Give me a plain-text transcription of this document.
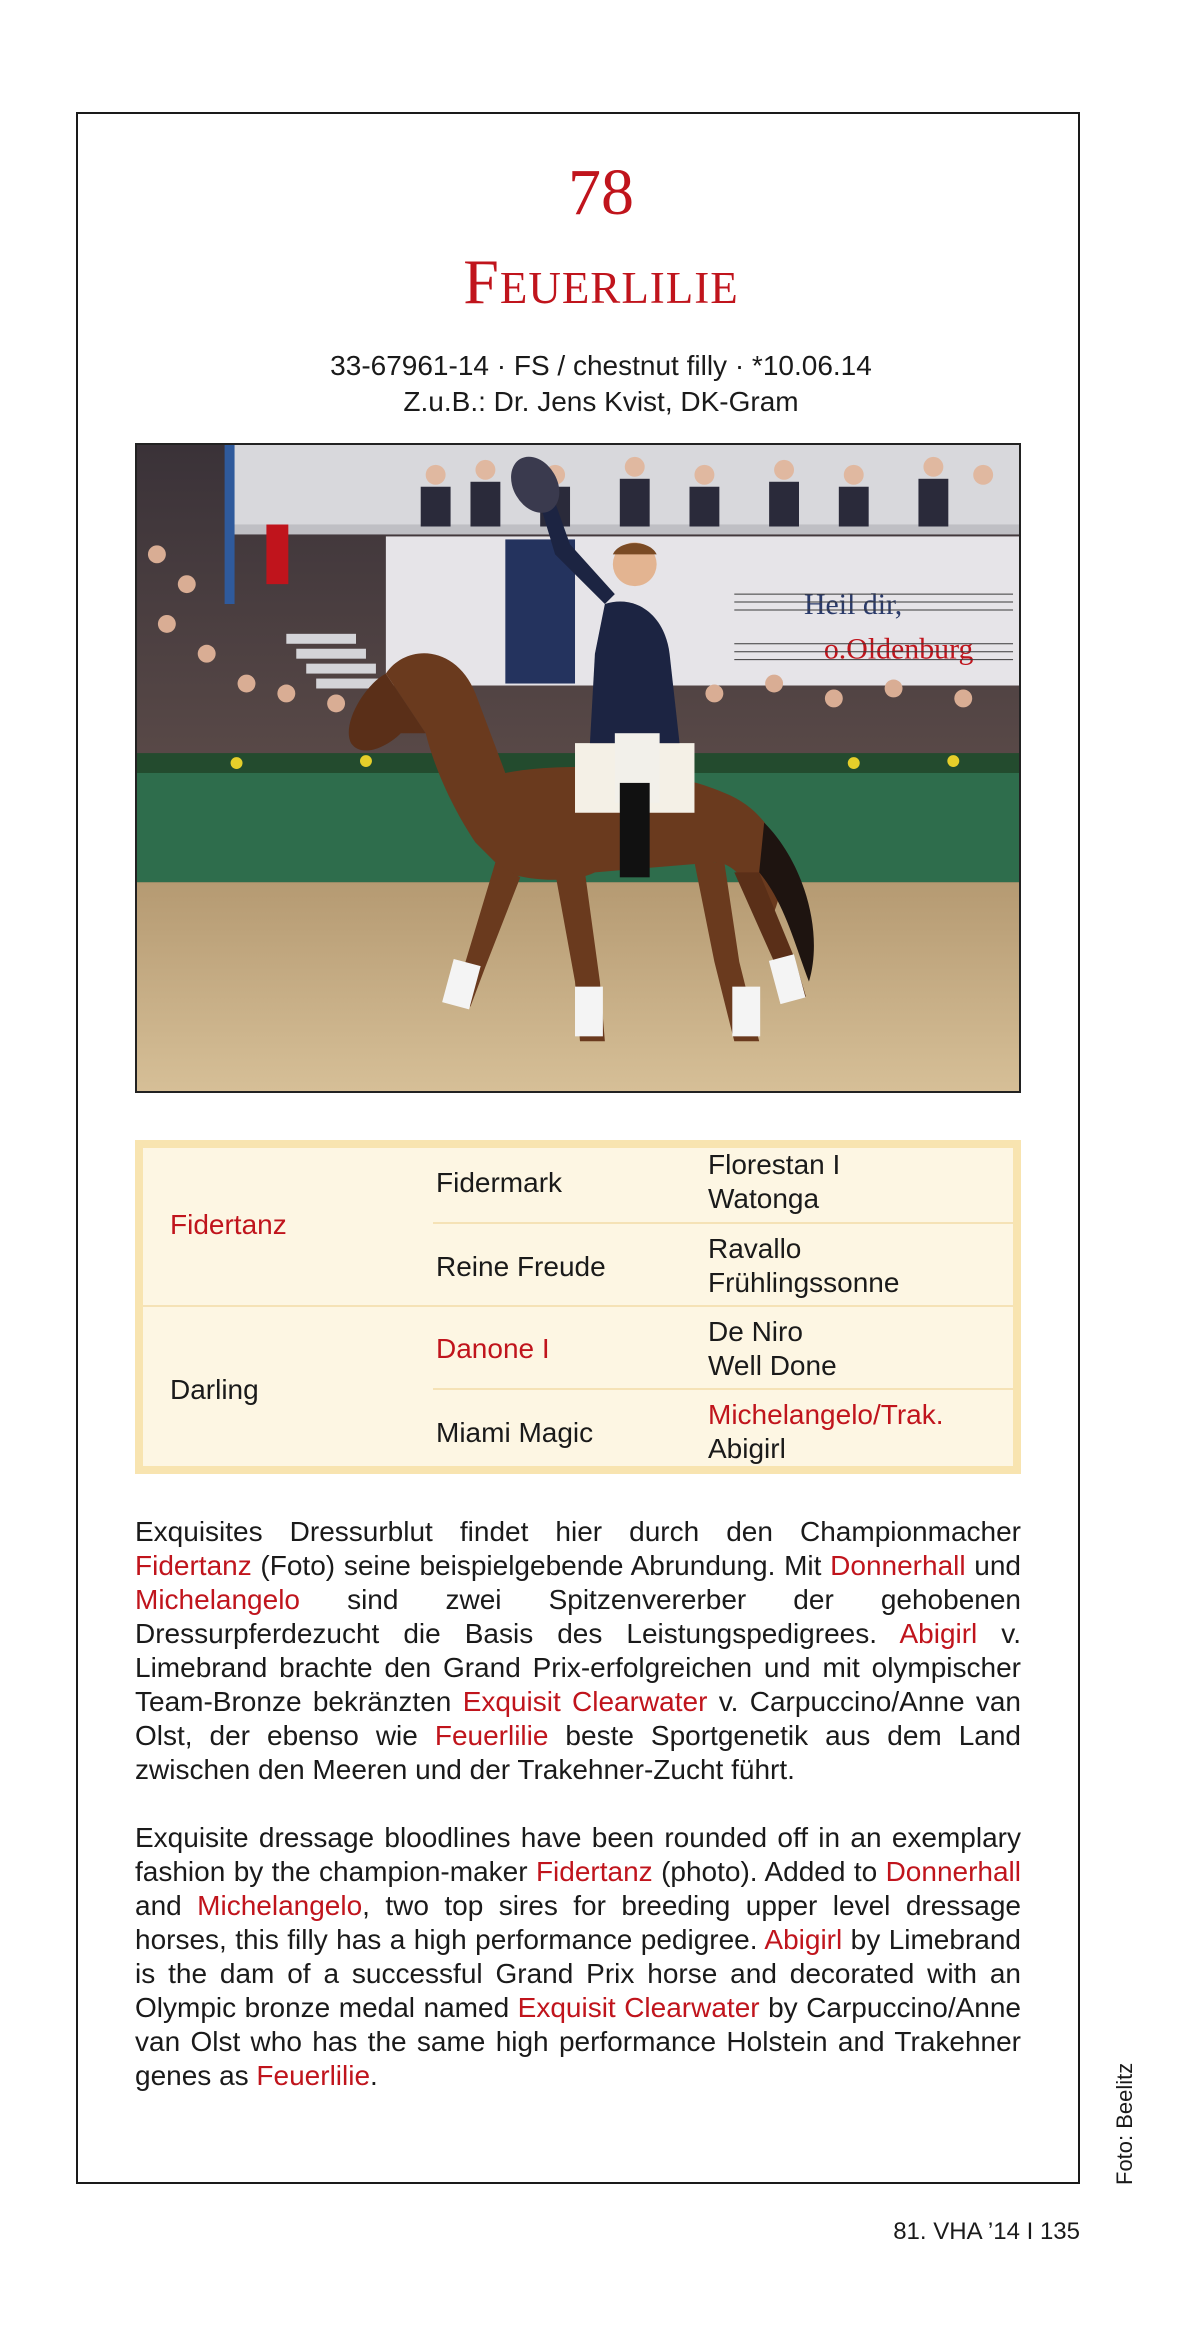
78
Feuerlilie
33-67961-14 · FS / chestnut filly · *10.06.14
Z.u.B.: Dr. Jens Kvist, DK-Gram
Heil dir,
o.Oldenburg
Fidertanz
Darling
Fidermark
Reine Freude
Danone I
Miami Magic
Florestan I
Watonga
Ravallo
Frühlingssonne
De Niro
Well Done
Michelangelo/Trak.
Abigirl
Exquisites Dressurblut findet hier durch den Championmacher Fidertanz (Foto) seine beispielgebende Abrundung. Mit Donnerhall und Michelangelo sind zwei Spitzenvererber der gehobenen Dressurpferdezucht die Basis des Leistungspedigrees. Abigirl v. Limebrand brachte den Grand Prix-erfolgreichen und mit olympischer Team-Bronze bekränzten Exquisit Clearwater v. Carpuccino/Anne van Olst, der ebenso wie Feuerlilie beste Sportgenetik aus dem Land zwischen den Meeren und der Trakehner-Zucht führt.
Exquisite dressage bloodlines have been rounded off in an exemplary fashion by the champion-maker Fidertanz (photo). Added to Donnerhall and Michelangelo, two top sires for breeding upper level dressage horses, this filly has a high performance pedigree. Abigirl by Limebrand is the dam of a successful Grand Prix horse and decorated with an Olympic bronze medal named Exquisit Clearwater by Carpuccino/Anne van Olst who has the same high performance Holstein and Trakehner genes as Feuerlilie.	Foto: Beelitz
81. VHA ’14 I 135
